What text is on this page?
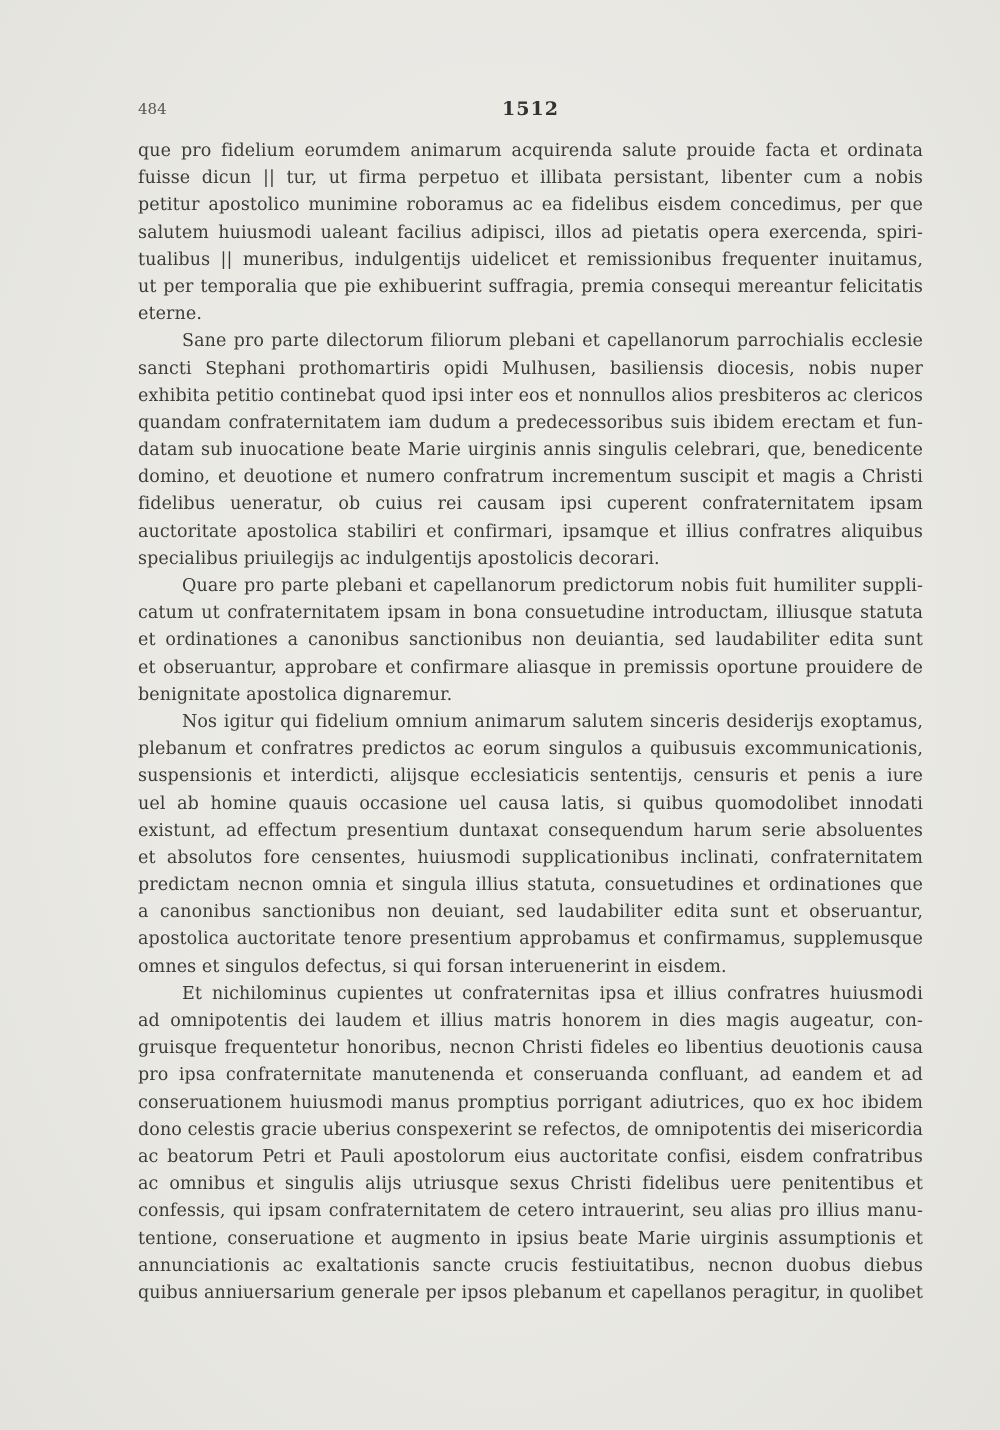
484	1512
que pro fidelium eorumdem animarum acquirenda salute prouide facta et ordinata
fuisse dicun || tur, ut firma perpetuo et illibata persistant, libenter cum a nobis
petitur apostolico munimine roboramus ac ea fidelibus eisdem concedimus, per que
salutem huiusmodi ualeant facilius adipisci, illos ad pietatis opera exercenda, spiri-
tualibus || muneribus, indulgentijs uidelicet et remissionibus frequenter inuitamus,
ut per temporalia que pie exhibuerint suffragia, premia consequi mereantur felicitatis
eterne.
Sane pro parte dilectorum filiorum plebani et capellanorum parrochialis ecclesie
sancti Stephani prothomartiris opidi Mulhusen, basiliensis diocesis, nobis nuper
exhibita petitio continebat quod ipsi inter eos et nonnullos alios presbiteros ac clericos
quandam confraternitatem iam dudum a predecessoribus suis ibidem erectam et fun-
datam sub inuocatione beate Marie uirginis annis singulis celebrari, que, benedicente
domino, et deuotione et numero confratrum incrementum suscipit et magis a Christi
fidelibus ueneratur, ob cuius rei causam ipsi cuperent confraternitatem ipsam
auctoritate apostolica stabiliri et confirmari, ipsamque et illius confratres aliquibus
specialibus priuilegijs ac indulgentijs apostolicis decorari.
Quare pro parte plebani et capellanorum predictorum nobis fuit humiliter suppli-
catum ut confraternitatem ipsam in bona consuetudine introductam, illiusque statuta
et ordinationes a canonibus sanctionibus non deuiantia, sed laudabiliter edita sunt
et obseruantur, approbare et confirmare aliasque in premissis oportune prouidere de
benignitate apostolica dignaremur.
Nos igitur qui fidelium omnium animarum salutem sinceris desiderijs exoptamus,
plebanum et confratres predictos ac eorum singulos a quibusuis excommunicationis,
suspensionis et interdicti, alijsque ecclesiaticis sententijs, censuris et penis a iure
uel ab homine quauis occasione uel causa latis, si quibus quomodolibet innodati
existunt, ad effectum presentium duntaxat consequendum harum serie absoluentes
et absolutos fore censentes, huiusmodi supplicationibus inclinati, confraternitatem
predictam necnon omnia et singula illius statuta, consuetudines et ordinationes que
a canonibus sanctionibus non deuiant, sed laudabiliter edita sunt et obseruantur,
apostolica auctoritate tenore presentium approbamus et confirmamus, supplemusque
omnes et singulos defectus, si qui forsan interuenerint in eisdem.
Et nichilominus cupientes ut confraternitas ipsa et illius confratres huiusmodi
ad omnipotentis dei laudem et illius matris honorem in dies magis augeatur, con-
gruisque frequentetur honoribus, necnon Christi fideles eo libentius deuotionis causa
pro ipsa confraternitate manutenenda et conseruanda confluant, ad eandem et ad
conseruationem huiusmodi manus promptius porrigant adiutrices, quo ex hoc ibidem
dono celestis gracie uberius conspexerint se refectos, de omnipotentis dei misericordia
ac beatorum Petri et Pauli apostolorum eius auctoritate confisi, eisdem confratribus
ac omnibus et singulis alijs utriusque sexus Christi fidelibus uere penitentibus et
confessis, qui ipsam confraternitatem de cetero intrauerint, seu alias pro illius manu-
tentione, conseruatione et augmento in ipsius beate Marie uirginis assumptionis et
annunciationis ac exaltationis sancte crucis festiuitatibus, necnon duobus diebus
quibus anniuersarium generale per ipsos plebanum et capellanos peragitur, in quolibet
